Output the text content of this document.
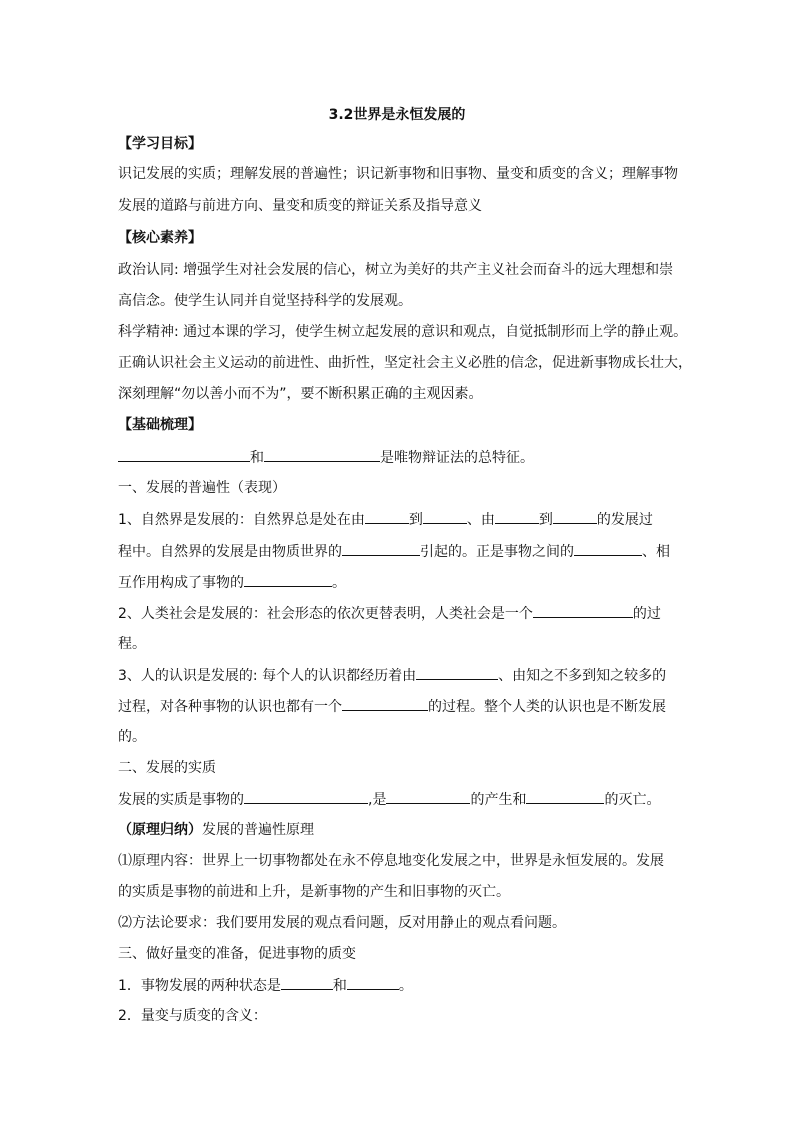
3.2世界是永恒发展的
【学习目标】
识记发展的实质；理解发展的普遍性；识记新事物和旧事物、量变和质变的含义；理解事物
发展的道路与前进方向、量变和质变的辩证关系及指导意义
【核心素养】
政治认同: 增强学生对社会发展的信心，树立为美好的共产主义社会而奋斗的远大理想和崇
高信念。使学生认同并自觉坚持科学的发展观。
科学精神: 通过本课的学习，使学生树立起发展的意识和观点，自觉抵制形而上学的静止观。
正确认识社会主义运动的前进性、曲折性，坚定社会主义必胜的信念，促进新事物成长壮大，
深刻理解“勿以善小而不为”，要不断积累正确的主观因素。
【基础梳理】
和	是唯物辩证法的总特征。
一、发展的普遍性（表现）
1、自然界是发展的：自然界总是处在由	到	、由	到	的发展过
程中。自然界的发展是由物质世界的	引起的。正是事物之间的	、相
互作用构成了事物的	。
2、人类社会是发展的：社会形态的依次更替表明，人类社会是一个	的过
程。
3、人的认识是发展的: 每个人的认识都经历着由	、由知之不多到知之较多的
过程，对各种事物的认识也都有一个	的过程。整个人类的认识也是不断发展
的。
二、发展的实质
发展的实质是事物的	,是	的产生和	的灭亡。
（原理归纳）发展的普遍性原理
⑴原理内容：世界上一切事物都处在永不停息地变化发展之中，世界是永恒发展的。发展
的实质是事物的前进和上升，是新事物的产生和旧事物的灭亡。
⑵方法论要求：我们要用发展的观点看问题，反对用静止的观点看问题。
三、做好量变的准备，促进事物的质变
1．事物发展的两种状态是	和	。
2．量变与质变的含义：
